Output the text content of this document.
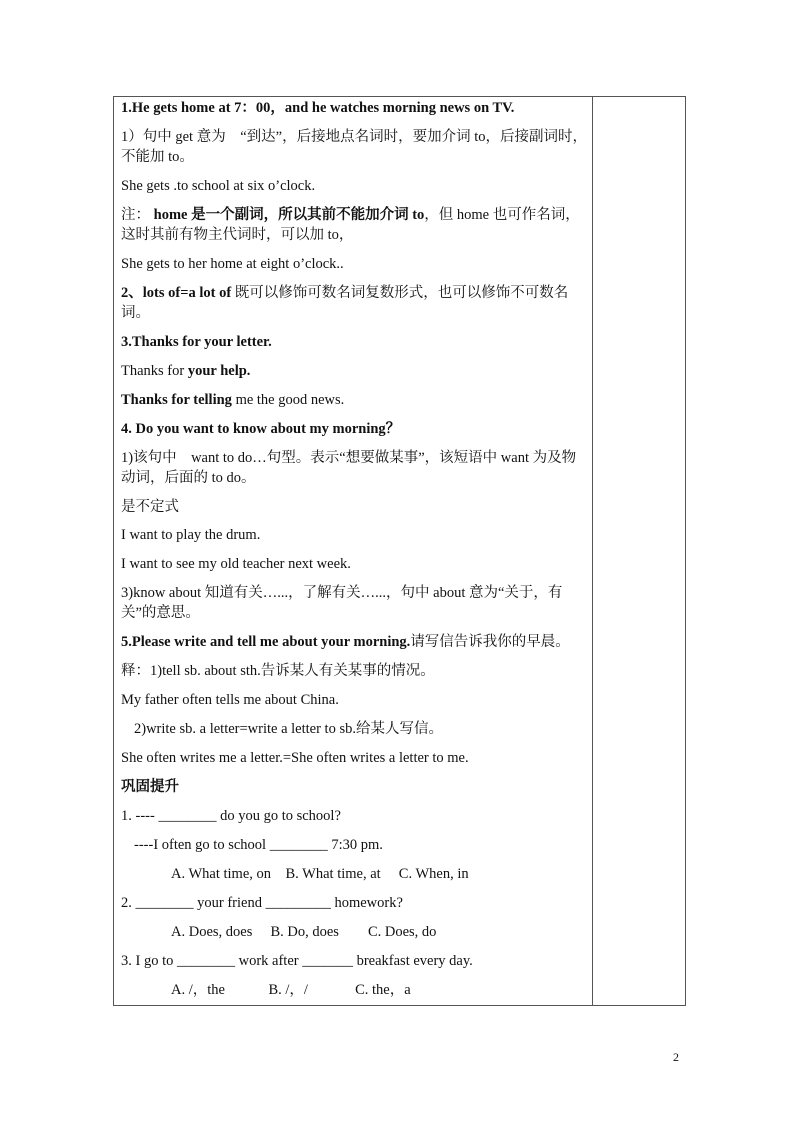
1.He gets home at 7：00，and he watches morning news on TV.
1）句中 get 意为　“到达”，后接地点名词时，要加介词 to，后接副词时，不能加 to。
She gets .to school at six o’clock.
注： home 是一个副词，所以其前不能加介词 to，但 home 也可作名词，这时其前有物主代词时，可以加 to，
She gets to her home at eight o’clock..
2、lots of=a lot of 既可以修饰可数名词复数形式，也可以修饰不可数名词。
3.Thanks for your letter.
Thanks for your help.
Thanks for telling me the good news.
4. Do you want to know about my morning？
1)该句中　want to do…句型。表示“想要做某事”，该短语中 want 为及物动词，后面的 to do。
是不定式
I want to play the drum.
I want to see my old teacher next week.
3)know about 知道有关…...，了解有关…...，句中 about 意为“关于，有关”的意思。
5.Please write and tell me about your morning.请写信告诉我你的早晨。
释：1)tell sb. about sth.告诉某人有关某事的情况。
My father often tells me about China.
2)write sb. a letter=write a letter to sb.给某人写信。
She often writes me a letter.=She often writes a letter to me.
巩固提升
1. ---- ________ do you go to school?
----I often go to school ________ 7:30 pm.
A. What time, on　B. What time, at　 C. When, in
2. ________ your friend _________ homework?
A. Does, does　 B. Do, does　　C. Does, do
3. I go to ________ work after _______ breakfast every day.
A. /，the　　　B. /，/　　　 C. the，a
2
